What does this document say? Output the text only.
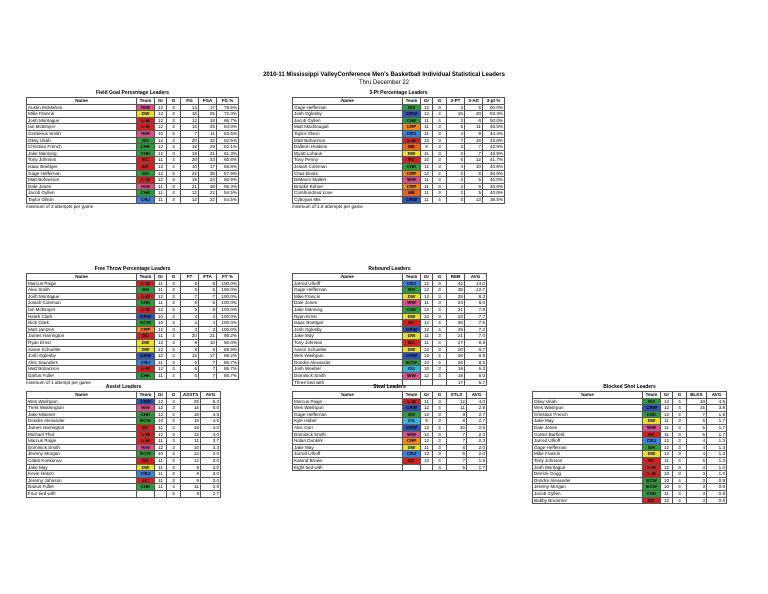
2010-11 Mississippi ValleyConference Men's Basketball Individual Statistical Leaders
Thru December 22
Field Goal Percentage Leaders
Name	Team	Gr	G	FG	FGA	FG %
Austin McMahon	WW	12	3	13	17	76.5%
Mike Francis	DW	12	3	18	25	72.0%
Josh Montague	L-M	12	3	12	18	66.7%
Ian McBrayer	L-M	12	3	16	25	64.0%
Cerderius Smith	WW	10	3	7	11	63.6%
Okey Ukah	DH	12	4	20	32	62.5%
Christian French	CHK	12	4	18	29	62.1%
Jake Manning	CHK	12	3	19	31	61.3%
Tony Johnson	EC	11	4	20	33	60.6%
Isaac Boettger	EC	12	4	10	17	58.8%
Gage Heffernan	DH	12	3	22	38	57.9%
Matt Bohannon	L-M	12	3	19	34	55.9%
Dale Jones	WW	11	3	21	38	55.3%
Jacob Gyllen	CHK	11	4	12	22	54.5%
Taylor Olson	CRJ	11	3	12	22	54.5%
minimum of 3 attempts per game
3-Pt Percentage Leaders
Name	Team	Gr	G	3-PT	3-Att	3-pt %
Gage Heffernan	DH	12	3	3	5	60.0%
Josh Oglesby	CRW	12	4	16	30	53.3%
Jacob Gyllen	CHK	11	4	3	6	50.0%
Matt MacDougall	CRP	11	3	5	11	45.5%
Taylor Olson	CRJ	11	3	4	9	44.4%
Matt Bohannon	L-M	12	3	7	16	43.8%
Dalleon Hoskins	ME	9	3	3	7	42.9%
Wyatt Lohaus	DW	11	3	3	7	42.9%
Tony Penny	EC	10	3	5	12	41.7%
Josiah Coleman	CHK	11	3	4	10	40.0%
Chaz Boots	CRP	12	2	2	5	40.0%
DiMarco Mallett	WW	11	3	2	5	40.0%
Brooks Kehoe	CRP	11	3	2	5	40.0%
Corshundous Love	ME	11	3	2	5	40.0%
Cyboyan Mis	CRW	11	4	5	13	38.5%
minimum of 1.5 attempts per game
Free Throw Percentage Leaders
Name	Team	Gr	G	FT	FTA	FT %
Marcus Paige	L-M	11	3	8	8	100.0%
Alex Smith	DH	11	3	6	6	100.0%
Josh Montague	L-M	12	3	7	7	100.0%
Josiah Coleman	CHK	11	3	6	6	100.0%
Ian McBrayer	L-M	12	3	5	5	100.0%
Heath Clark	CRW	10	4	4	4	100.0%
Nick Clark	ECW	10	4	4	4	100.0%
Matt Jantzen	CRP	12	3	3	3	100.0%
James Harrington	EC	11	4	20	21	95.2%
Ryan Ernst	DW	12	3	9	10	90.0%
Aaron Schueller	DW	12	3	8	9	88.9%
Josh Oglesby	CRW	12	4	15	17	88.2%
Alec Saunders	CRJ	11	3	6	7	85.7%
Matt Bohannon	L-M	12	3	6	7	85.7%
Darius Fuller	CHK	11	4	6	7	85.7%
minimum of 1 attempt per game
Rebound Leaders
Name	Team	Gr	G	REB	AVG
Jarrod Ulhoff	CRJ	12	3	42	14.0
Gage Heffernan	DH	12	3	38	12.7
Mike Francis	DW	12	3	25	8.3
Dale Jones	WW	11	3	24	8.0
Jake Manning	CHK	12	4	31	7.8
Ryan Ernst	DW	12	3	23	7.7
Isaac Boettger	EC	12	4	30	7.5
Josh Oglesby	CRW	12	4	29	7.2
Jake May	DW	11	3	21	7.0
Tony Johnson	EC	11	4	27	6.8
Aaron Schueller	DW	12	3	20	6.7
Wes Washpun	CRW	12	4	26	6.5
Dondre Alexander	ECW	10	4	26	6.5
Josh Weeber	DS	10	3	19	6.3
Dominick Smith	WW	12	3	18	6.0
Three tied with				17	5.7
Assist Leaders
Name	Team	Gr	G	ASSTS	AVG
Wes Washpun	CRW	12	4	25	6.3
Trent Washington	WW	12	3	15	5.0
Jake Misener	CHK	12	4	18	4.5
Dondre Alexander	ECW	10	4	18	4.5
James Harrington	EC	11	4	16	4.0
Michael Thul	L-M	12	3	12	4.0
Marcus Paige	L-M	11	3	11	3.7
Dominick Smith	WW	12	3	10	3.3
Jeremy Morgan	ECW	10	4	12	3.0
Caleb Konkonov	EC	11	4	12	3.0
Jake May	DW	11	3	9	3.0
Kevin Hosch	CRJ	11	3	9	3.0
Jeremy Johnson	EC	11	3	9	3.0
Darius Fuller	CHK	11	4	11	2.8
Four tied with			3	8	2.7
Steal Leaders
Name	Team	Gr	G	STLS	AVG
Marcus Paige	L-M	11	3	12	4.0
Wes Washpun	CRW	12	4	11	2.8
Gage Heffernan	DH	12	3	8	2.7
Kyle Haber	DS	9	3	8	2.7
Alec Carr	CRW	12	4	10	2.5
Dominick Smith	WW	12	3	7	2.3
Nolan Dunkirk	CRP	12	3	7	2.3
Jake May	DW	11	3	6	2.0
Jarrod Ulhoff	CRJ	12	3	6	2.0
Kalund Brown	EC	10	4	7	1.8
Eight tied with			3	5	1.7
Blocked Shot Leaders
Name	Team	Gr	G	BLKS	AVG
Okey Ukah	DH	12	4	18	4.5
Wes Washpun	CRW	12	4	15	3.8
Christian French	CHK	12	4	7	1.8
Jake May	DW	11	3	5	1.7
Dale Jones	WW	11	3	5	1.7
Cortez Barfield	EC	11	3	5	1.7
Jarrod Ulhoff	CRJ	12	3	4	1.3
Gage Heffernan	DH	12	3	4	1.3
Mike Francis	DW	12	3	4	1.3
Tony Johnson	EC	11	4	5	1.3
Josh Montague	L-M	12	3	3	1.0
Derrick Gogg	L-M	10	3	3	1.0
Dondre Alexander	ECW	10	4	3	0.8
Jeremy Morgan	ECW	10	4	3	0.8
Jacob Gyllen	CHK	11	4	3	0.8
Bobby Brummel	EC	12	4	3	0.8
